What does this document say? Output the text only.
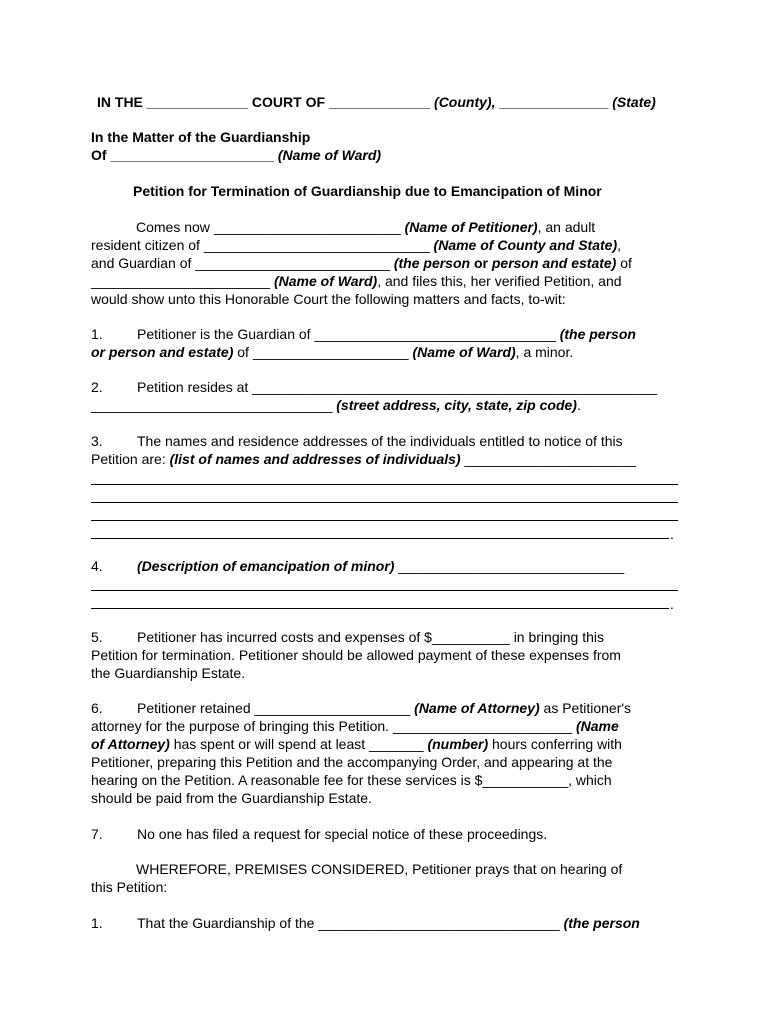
IN THE _____________ COURT OF _____________ (County), ______________ (State)
In the Matter of the Guardianship
Of _____________________ (Name of Ward)
Petition for Termination of Guardianship due to Emancipation of Minor
Comes now ________________________ (Name of Petitioner), an adult
resident citizen of _____________________________ (Name of County and State),
and Guardian of _________________________ (the person or person and estate) of
_______________________ (Name of Ward), and files this, her verified Petition, and
would show unto this Honorable Court the following matters and facts, to-wit:
1. Petitioner is the Guardian of _______________________________ (the person
or person and estate) of ____________________ (Name of Ward), a minor.
2. Petition resides at ____________________________________________________
_______________________________ (street address, city, state, zip code).
3. The names and residence addresses of the individuals entitled to notice of this
Petition are: (list of names and addresses of individuals) ______________________
.
4. (Description of emancipation of minor) _____________________________
.
5. Petitioner has incurred costs and expenses of $__________ in bringing this
Petition for termination. Petitioner should be allowed payment of these expenses from
the Guardianship Estate.
6. Petitioner retained ____________________ (Name of Attorney) as Petitioner's
attorney for the purpose of bringing this Petition. _______________________ (Name
of Attorney) has spent or will spend at least _______ (number) hours conferring with
Petitioner, preparing this Petition and the accompanying Order, and appearing at the
hearing on the Petition. A reasonable fee for these services is $___________, which
should be paid from the Guardianship Estate.
7. No one has filed a request for special notice of these proceedings.
WHEREFORE, PREMISES CONSIDERED, Petitioner prays that on hearing of
this Petition:
1. That the Guardianship of the _______________________________ (the person
